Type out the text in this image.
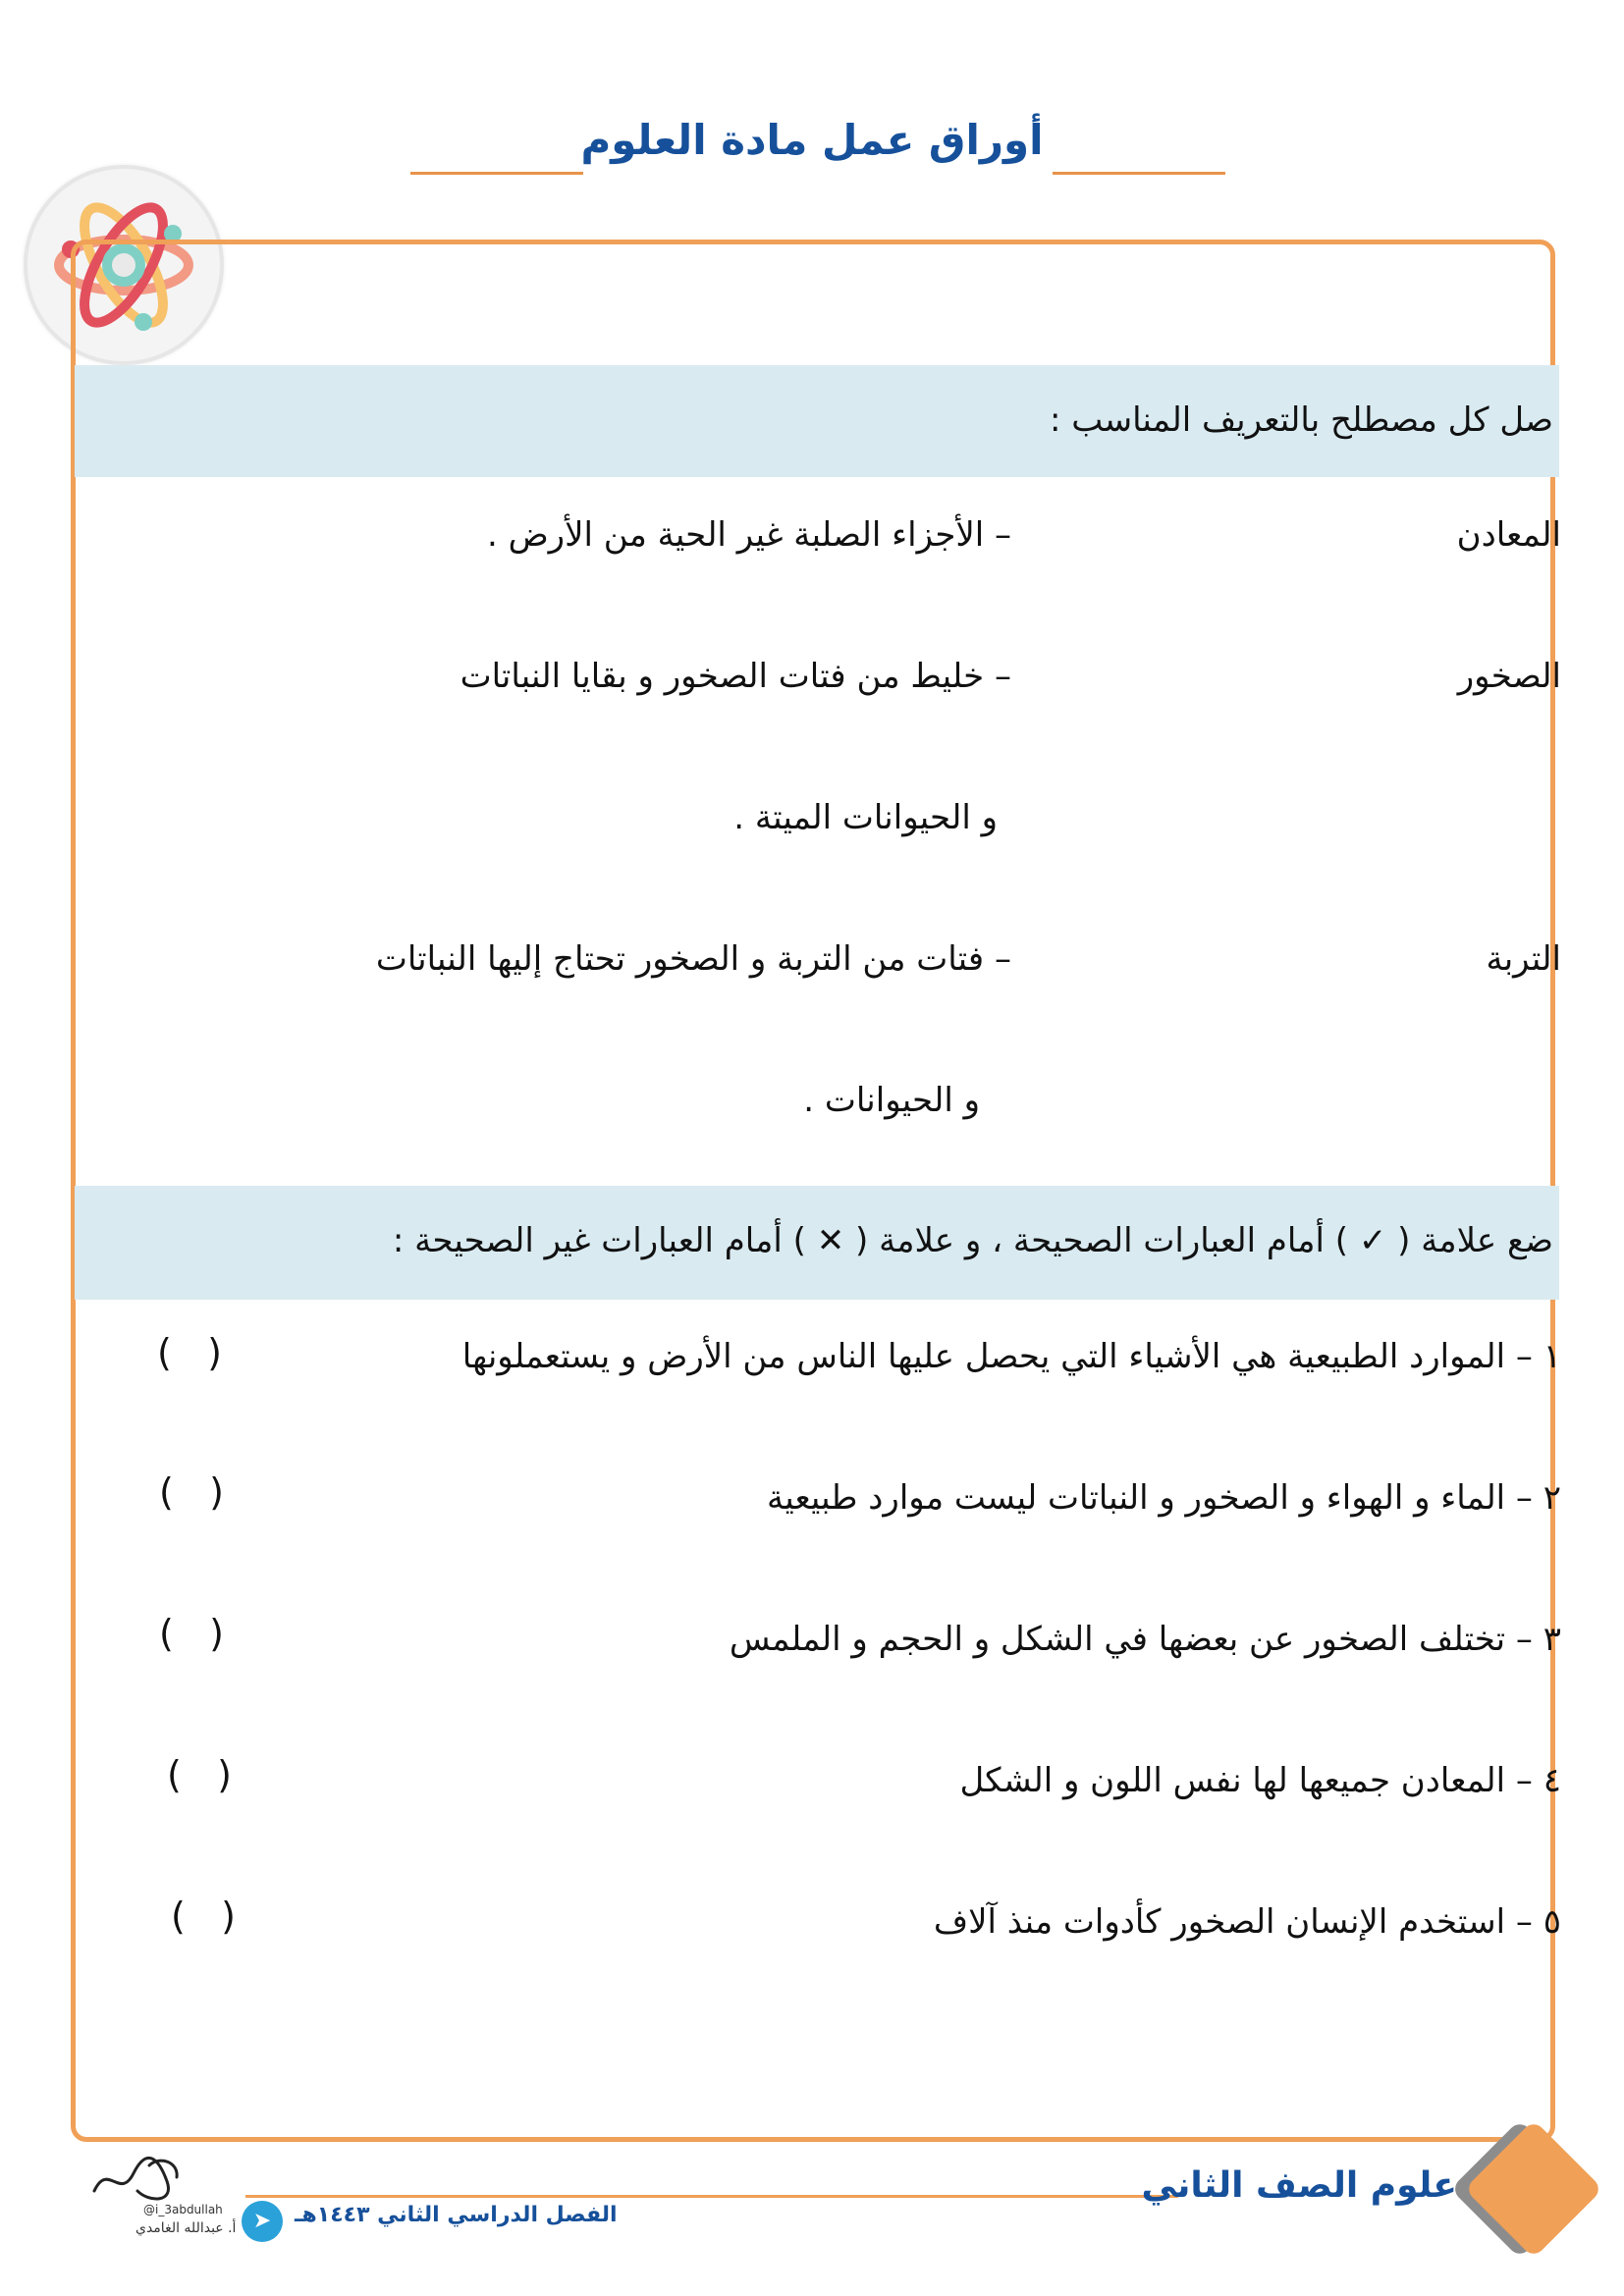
أوراق عمل مادة العلوم
صل كل مصطلح بالتعريف المناسب :
المعادن
الصخور
التربة
– الأجزاء الصلبة غير الحية من الأرض .
– خليط من فتات الصخور و بقايا النباتات
و الحيوانات الميتة .
– فتات من التربة و الصخور تحتاج إليها النباتات
و الحيوانات .
ضع علامة ( ✓ ) أمام العبارات الصحيحة ، و علامة ( ✕ ) أمام العبارات غير الصحيحة :
١ – الموارد الطبيعية هي الأشياء التي يحصل عليها الناس من الأرض و يستعملونها
٢ – الماء و الهواء و الصخور و النباتات ليست موارد طبيعية
٣ – تختلف الصخور عن بعضها في الشكل و الحجم و الملمس
٤ – المعادن جميعها لها نفس اللون و الشكل
٥ – استخدم الإنسان الصخور كأدوات منذ آلاف
(   )
(   )
(   )
(   )
(   )
علوم الصف الثاني
الفصل الدراسي الثاني ١٤٤٣هـ
➤
@i_3abdullah
أ. عبدالله الغامدي
